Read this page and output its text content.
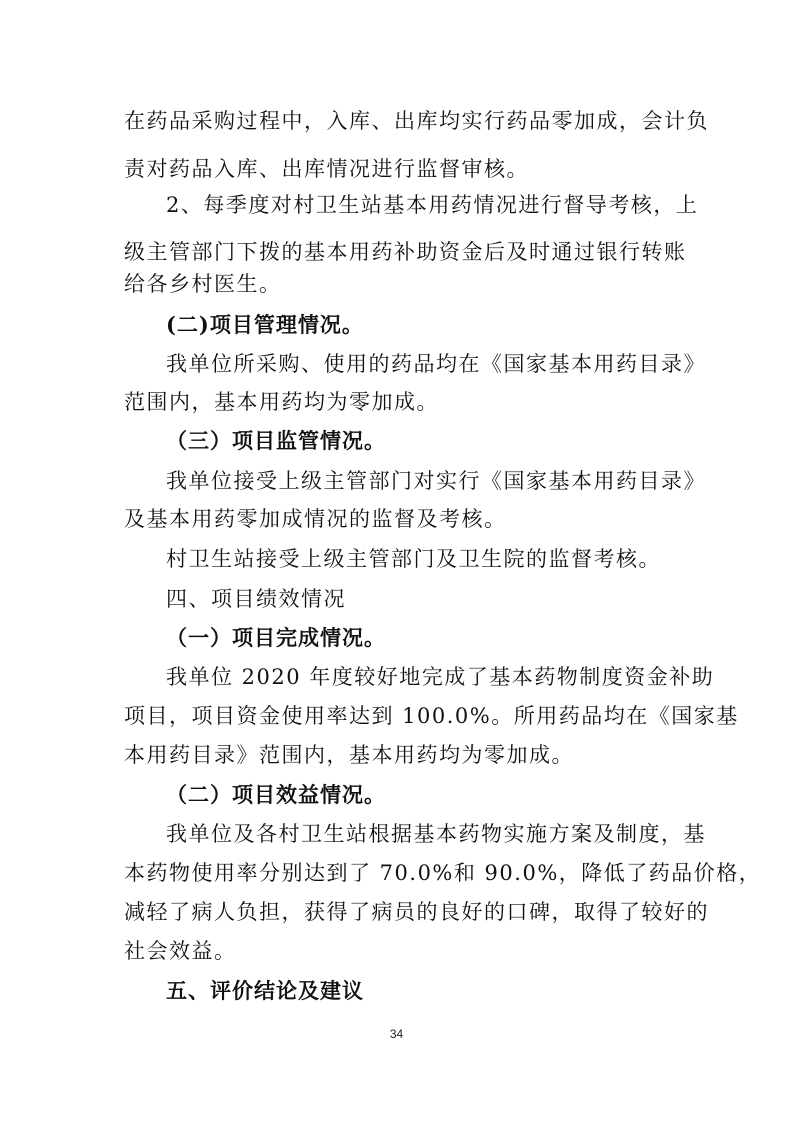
在药品采购过程中，入库、出库均实行药品零加成，会计负
责对药品入库、出库情况进行监督审核。
2、每季度对村卫生站基本用药情况进行督导考核，上
级主管部门下拨的基本用药补助资金后及时通过银行转账
给各乡村医生。
(二)项目管理情况。
我单位所采购、使用的药品均在《国家基本用药目录》
范围内，基本用药均为零加成。
（三）项目监管情况。
我单位接受上级主管部门对实行《国家基本用药目录》
及基本用药零加成情况的监督及考核。
村卫生站接受上级主管部门及卫生院的监督考核。
四、项目绩效情况
（一）项目完成情况。
我单位 2020 年度较好地完成了基本药物制度资金补助
项目，项目资金使用率达到 100.0%。所用药品均在《国家基
本用药目录》范围内，基本用药均为零加成。
（二）项目效益情况。
我单位及各村卫生站根据基本药物实施方案及制度，基
本药物使用率分别达到了 70.0%和 90.0%，降低了药品价格，
减轻了病人负担，获得了病员的良好的口碑，取得了较好的
社会效益。
五、评价结论及建议
34
